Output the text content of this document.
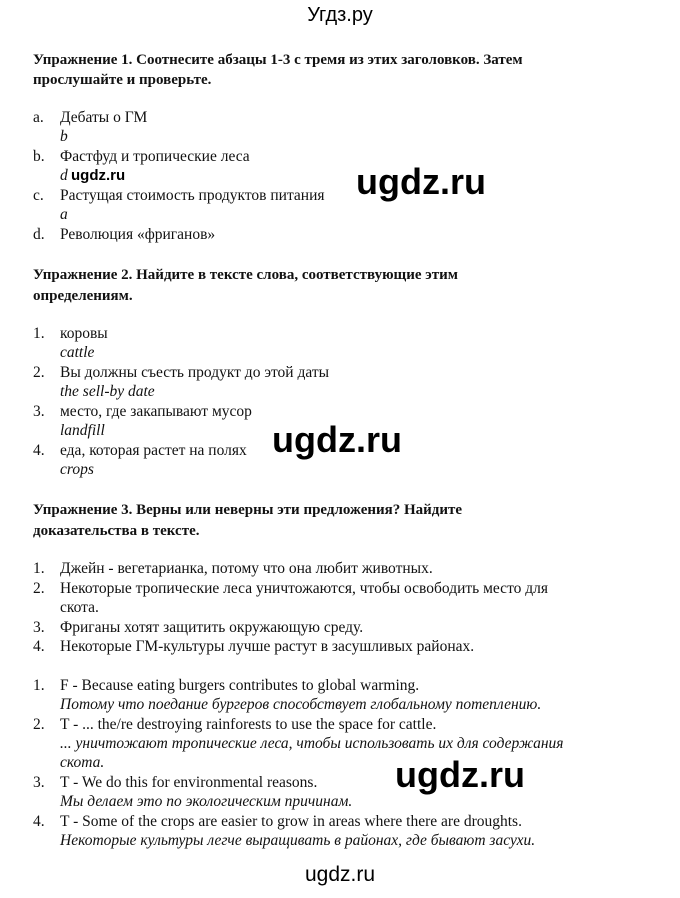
Угдз.ру
Упражнение 1. Соотнесите абзацы 1-3 с тремя из этих заголовков. Затем
прослушайте и проверьте.
a. Дебаты о ГМ
b
b. Фастфуд и тропические леса
d
c. Растущая стоимость продуктов питания
a
d. Революция «фриганов»
Упражнение 2. Найдите в тексте слова, соответствующие этим
определениям.
1. коровы
cattle
2. Вы должны съесть продукт до этой даты
the sell-by date
3. место, где закапывают мусор
landfill
4. еда, которая растет на полях
crops
Упражнение 3. Верны или неверны эти предложения? Найдите
доказательства в тексте.
1. Джейн - вегетарианка, потому что она любит животных.
2. Некоторые тропические леса уничтожаются, чтобы освободить место для
скота.
3. Фриганы хотят защитить окружающую среду.
4. Некоторые ГМ-культуры лучше растут в засушливых районах.
1. F - Because eating burgers contributes to global warming.
Потому что поедание бургеров способствует глобальному потеплению.
2. T - ... the/re destroying rainforests to use the space for cattle.
... уничтожают тропические леса, чтобы использовать их для содержания
скота.
3. T - We do this for environmental reasons.
Мы делаем это по экологическим причинам.
4. T - Some of the crops are easier to grow in areas where there are droughts.
Некоторые культуры легче выращивать в районах, где бывают засухи.
ugdz.ru	ugdz.ru
ugdz.ru
ugdz.ru
ugdz.ru
